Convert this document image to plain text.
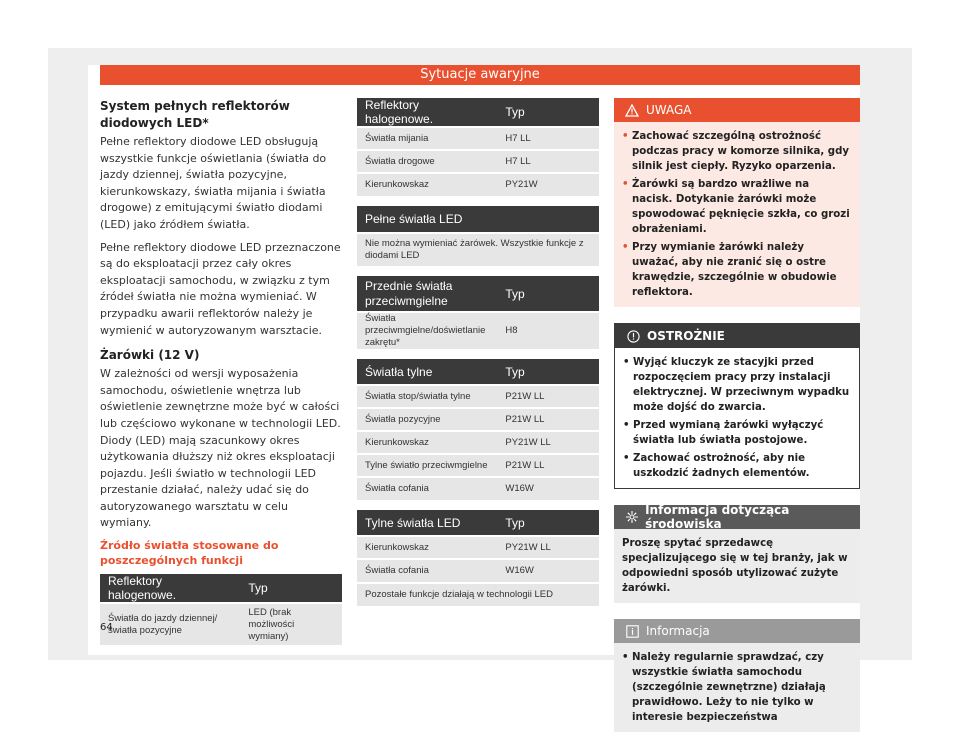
Sytuacje awaryjne
System pełnych reflektorów diodowych LED*
Pełne reflektory diodowe LED obsługują wszystkie funkcje oświetlania (światła do jazdy dziennej, światła pozycyjne, kierunkowskazy, światła mijania i światła drogowe) z emitującymi światło diodami (LED) jako źródłem światła.
Pełne reflektory diodowe LED przeznaczone są do eksploatacji przez cały okres eksploatacji samochodu, w związku z tym źródeł światła nie można wymieniać. W przypadku awarii reflektorów należy je wymienić w autoryzowanym warsztacie.
Żarówki (12 V)
W zależności od wersji wyposażenia samochodu, oświetlenie wnętrza lub oświetlenie zewnętrzne może być w całości lub częściowo wykonane w technologii LED. Diody (LED) mają szacunkowy okres użytkowania dłuższy niż okres eksploatacji pojazdu. Jeśli światło w technologii LED przestanie działać, należy udać się do autoryzowanego warsztatu w celu wymiany.
Źródło światła stosowane do poszczególnych funkcji
Reflektory halogenowe.	Typ
Światła do jazdy dziennej/światła pozycyjne	LED (brak możliwości wymiany)
Reflektory halogenowe.	Typ
Światła mijania	H7 LL
Światła drogowe	H7 LL
Kierunkowskaz	PY21W
Pełne światła LED
Nie można wymieniać żarówek. Wszystkie funkcje z diodami LED
Przednie światła przeciwmgielne	Typ
Światła przeciwmgielne/doświetlanie zakrętu*	H8
Światła tylne	Typ
Światła stop/światła tylne	P21W LL
Światła pozycyjne	P21W LL
Kierunkowskaz	PY21W LL
Tylne światło przeciwmgielne	P21W LL
Światła cofania	W16W
Tylne światła LED	Typ
Kierunkowskaz	PY21W LL
Światła cofania	W16W
Pozostałe funkcje działają w technologii LED
UWAGA
• Zachować szczególną ostrożność podczas pracy w komorze silnika, gdy silnik jest ciepły. Ryzyko oparzenia.
• Żarówki są bardzo wrażliwe na nacisk. Dotykanie żarówki może spowodować pęknięcie szkła, co grozi obrażeniami.
• Przy wymianie żarówki należy uważać, aby nie zranić się o ostre krawędzie, szczególnie w obudowie reflektora.
OSTROŻNIE
• Wyjąć kluczyk ze stacyjki przed rozpoczęciem pracy przy instalacji elektrycznej. W przeciwnym wypadku może dojść do zwarcia.
• Przed wymianą żarówki wyłączyć światła lub światła postojowe.
• Zachować ostrożność, aby nie uszkodzić żadnych elementów.
Informacja dotycząca środowiska
Proszę spytać sprzedawcę specjalizującego się w tej branży, jak w odpowiedni sposób utylizować zużyte żarówki.
Informacja
• Należy regularnie sprawdzać, czy wszystkie światła samochodu (szczególnie zewnętrzne) działają prawidłowo. Leży to nie tylko w interesie bezpieczeństwa
64
